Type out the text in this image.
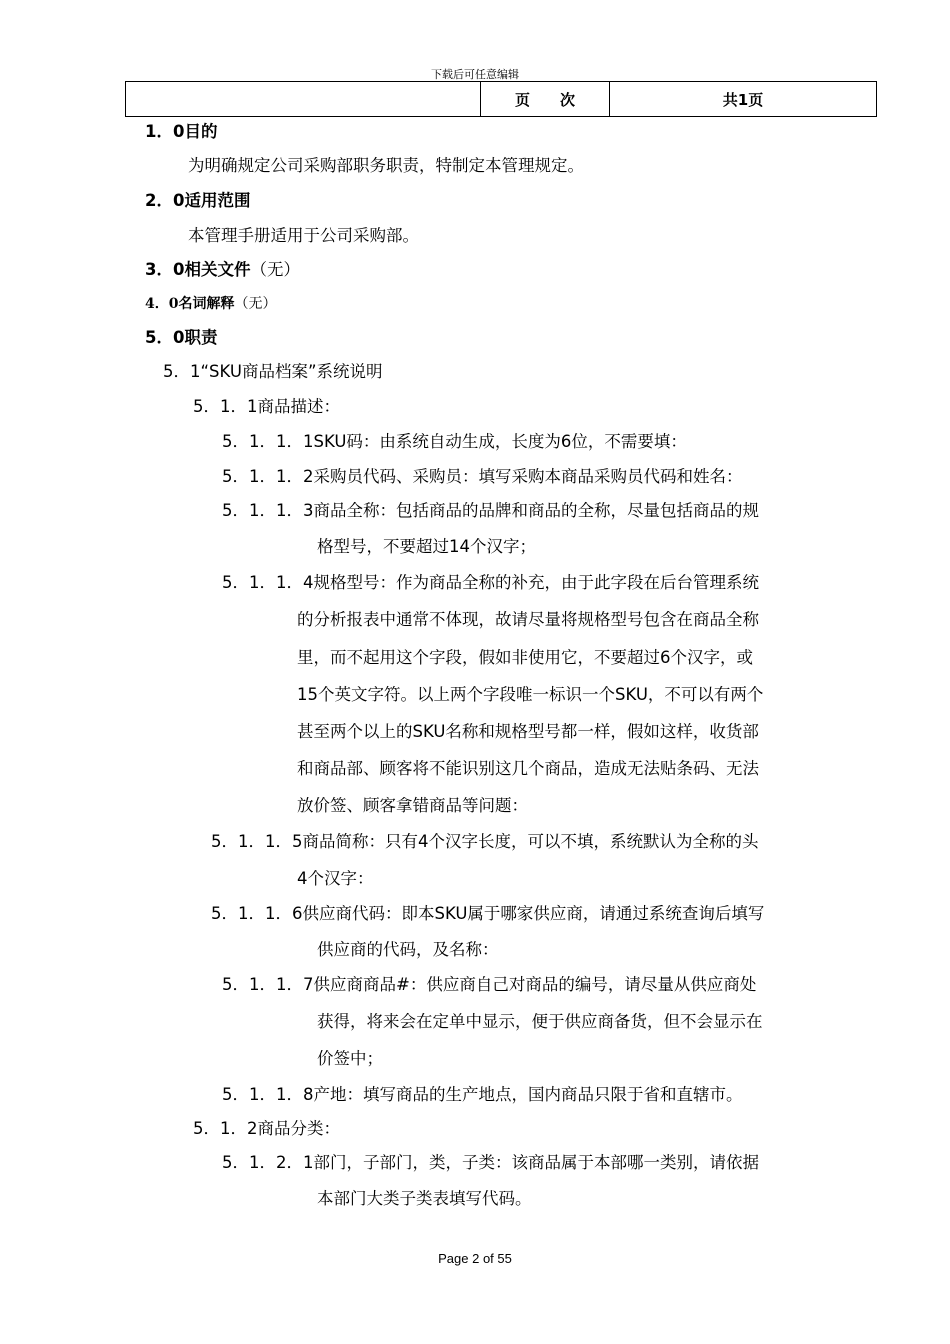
下载后可任意编辑
	页　　次	共1页
1．0目的
为明确规定公司采购部职务职责，特制定本管理规定。
2．0适用范围
本管理手册适用于公司采购部。
3．0相关文件（无）
4．0名词解释（无）
5．0职责
5．1“SKU商品档案”系统说明
5．1．1商品描述：
5．1．1．1SKU码：由系统自动生成，长度为6位，不需要填：
5．1．1．2采购员代码、采购员：填写采购本商品采购员代码和姓名：
5．1．1．3商品全称：包括商品的品牌和商品的全称，尽量包括商品的规
格型号，不要超过14个汉字；
5．1．1．4规格型号：作为商品全称的补充，由于此字段在后台管理系统
的分析报表中通常不体现，故请尽量将规格型号包含在商品全称
里，而不起用这个字段，假如非使用它，不要超过6个汉字，或
15个英文字符。以上两个字段唯一标识一个SKU，不可以有两个
甚至两个以上的SKU名称和规格型号都一样，假如这样，收货部
和商品部、顾客将不能识别这几个商品，造成无法贴条码、无法
放价签、顾客拿错商品等问题：
5．1．1．5商品简称：只有4个汉字长度，可以不填，系统默认为全称的头
4个汉字：
5．1．1．6供应商代码：即本SKU属于哪家供应商，请通过系统查询后填写
供应商的代码，及名称：
5．1．1．7供应商商品#：供应商自己对商品的编号，请尽量从供应商处
获得，将来会在定单中显示，便于供应商备货，但不会显示在
价签中；
5．1．1．8产地：填写商品的生产地点，国内商品只限于省和直辖市。
5．1．2商品分类：
5．1．2．1部门，子部门，类，子类：该商品属于本部哪一类别，请依据
本部门大类子类表填写代码。
Page 2 of 55
